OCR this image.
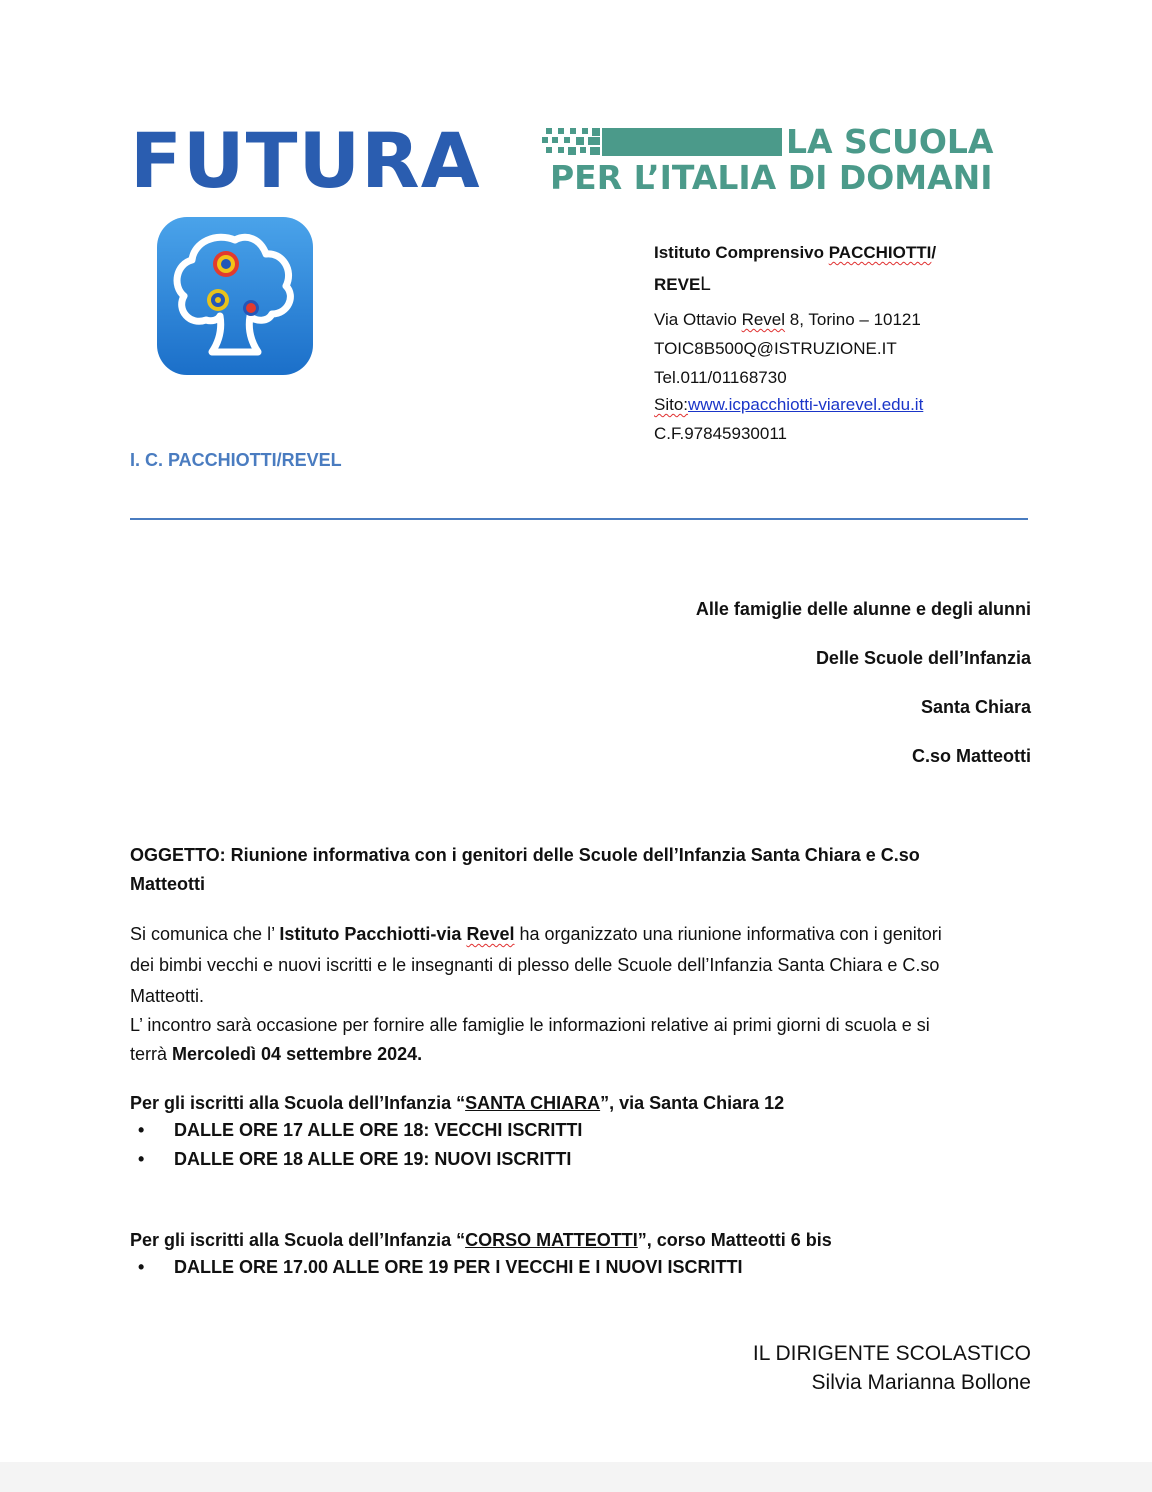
FUTURA	LA SCUOLA
PER L’ITALIA DI DOMANI
Istituto Comprensivo PACCHIOTTI/
REVEL
Via Ottavio Revel 8, Torino – 10121
TOIC8B500Q@ISTRUZIONE.IT
Tel.011/01168730
Sito:www.icpacchiotti-viarevel.edu.it
C.F.97845930011
I. C. PACCHIOTTI/REVEL
Alle famiglie delle alunne e degli alunni
Delle Scuole dell’Infanzia
Santa Chiara
C.so Matteotti
OGGETTO: Riunione informativa con i genitori delle Scuole dell’Infanzia Santa Chiara e C.so
Matteotti
Si comunica che l’ Istituto Pacchiotti-via Revel ha organizzato una riunione informativa con i genitori
dei bimbi vecchi e nuovi iscritti e le insegnanti di plesso delle Scuole dell’Infanzia Santa Chiara e C.so
Matteotti.
L’ incontro sarà occasione per fornire alle famiglie le informazioni relative ai primi giorni di scuola e si
terrà Mercoledì 04 settembre 2024.
Per gli iscritti alla Scuola dell’Infanzia “SANTA CHIARA”, via Santa Chiara 12
• DALLE ORE 17 ALLE ORE 18: VECCHI ISCRITTI
• DALLE ORE 18 ALLE ORE 19: NUOVI ISCRITTI
Per gli iscritti alla Scuola dell’Infanzia “CORSO MATTEOTTI”, corso Matteotti 6 bis
• DALLE ORE 17.00 ALLE ORE 19 PER I VECCHI E I NUOVI ISCRITTI
IL DIRIGENTE SCOLASTICO
Silvia Marianna Bollone
